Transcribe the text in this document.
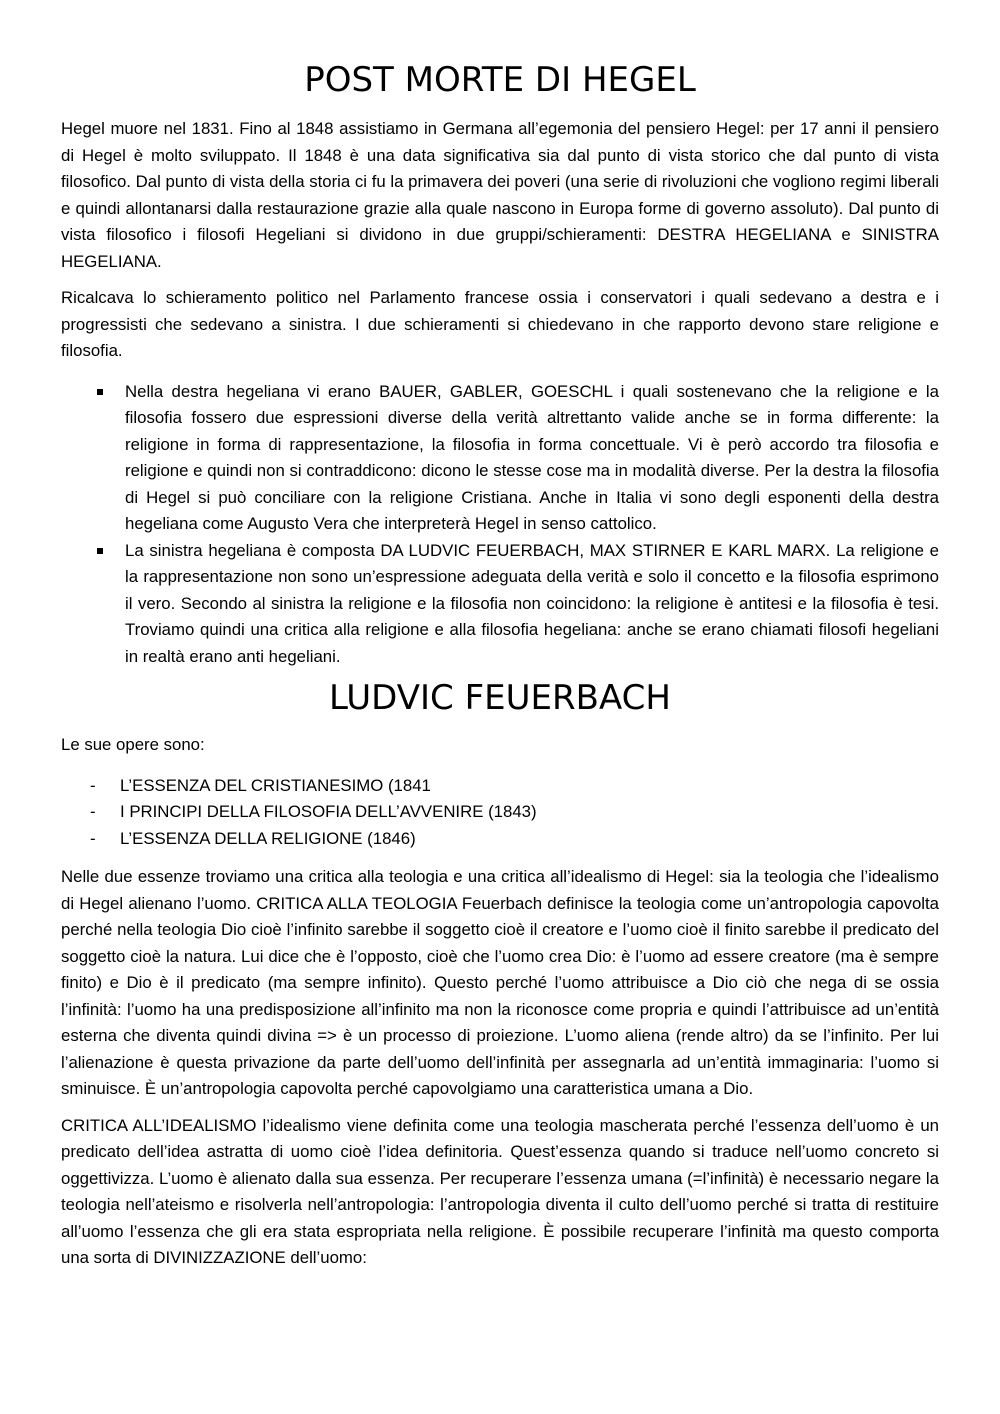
POST MORTE DI HEGEL

Hegel muore nel 1831. Fino al 1848 assistiamo in Germana all’egemonia del pensiero Hegel: per 17 anni il pensiero di Hegel è molto sviluppato. Il 1848 è una data significativa sia dal punto di vista storico che dal punto di vista filosofico. Dal punto di vista della storia ci fu la primavera dei poveri (una serie di rivoluzioni che vogliono regimi liberali e quindi allontanarsi dalla restaurazione grazie alla quale nascono in Europa forme di governo assoluto). Dal punto di vista filosofico i filosofi Hegeliani si dividono in due gruppi/schieramenti: DESTRA HEGELIANA e SINISTRA HEGELIANA.

Ricalcava lo schieramento politico nel Parlamento francese ossia i conservatori i quali sedevano a destra e i progressisti che sedevano a sinistra. I due schieramenti si chiedevano in che rapporto devono stare religione e filosofia.

Nella destra hegeliana vi erano BAUER, GABLER, GOESCHL i quali sostenevano che la religione e la filosofia fossero due espressioni diverse della verità altrettanto valide anche se in forma differente: la religione in forma di rappresentazione, la filosofia in forma concettuale. Vi è però accordo tra filosofia e religione e quindi non si contraddicono: dicono le stesse cose ma in modalità diverse. Per la destra la filosofia di Hegel si può conciliare con la religione Cristiana. Anche in Italia vi sono degli esponenti della destra hegeliana come Augusto Vera che interpreterà Hegel in senso cattolico.
La sinistra hegeliana è composta DA LUDVIC FEUERBACH, MAX STIRNER E KARL MARX. La religione e la rappresentazione non sono un’espressione adeguata della verità e solo il concetto e la filosofia esprimono il vero. Secondo al sinistra la religione e la filosofia non coincidono: la religione è antitesi e la filosofia è tesi. Troviamo quindi una critica alla religione e alla filosofia hegeliana: anche se erano chiamati filosofi hegeliani in realtà erano anti hegeliani.
LUDVIC FEUERBACH

Le sue opere sono:

- L’ESSENZA DEL CRISTIANESIMO (1841
- I PRINCIPI DELLA FILOSOFIA DELL’AVVENIRE (1843)
- L’ESSENZA DELLA RELIGIONE (1846)

Nelle due essenze troviamo una critica alla teologia e una critica all’idealismo di Hegel: sia la teologia che l’idealismo di Hegel alienano l’uomo. CRITICA ALLA TEOLOGIA Feuerbach definisce la teologia come un’antropologia capovolta perché nella teologia Dio cioè l’infinito sarebbe il soggetto cioè il creatore e l’uomo cioè il finito sarebbe il predicato del soggetto cioè la natura. Lui dice che è l’opposto, cioè che l’uomo crea Dio: è l’uomo ad essere creatore (ma è sempre finito) e Dio è il predicato (ma sempre infinito). Questo perché l’uomo attribuisce a Dio ciò che nega di se ossia l’infinità: l’uomo ha una predisposizione all’infinito ma non la riconosce come propria e quindi l’attribuisce ad un’entità esterna che diventa quindi divina => è un processo di proiezione. L’uomo aliena (rende altro) da se l’infinito. Per lui l’alienazione è questa privazione da parte dell’uomo dell’infinità per assegnarla ad un’entità immaginaria: l’uomo si sminuisce. È un’antropologia capovolta perché capovolgiamo una caratteristica umana a Dio.

CRITICA ALL’IDEALISMO l’idealismo viene definita come una teologia mascherata perché l’essenza dell’uomo è un predicato dell’idea astratta di uomo cioè l’idea definitoria. Quest’essenza quando si traduce nell’uomo concreto si oggettivizza. L’uomo è alienato dalla sua essenza. Per recuperare l’essenza umana (=l’infinità) è necessario negare la teologia nell’ateismo e risolverla nell’antropologia: l’antropologia diventa il culto dell’uomo perché si tratta di restituire all’uomo l’essenza che gli era stata espropriata nella religione. È possibile recuperare l’infinità ma questo comporta una sorta di DIVINIZZAZIONE dell’uomo:
